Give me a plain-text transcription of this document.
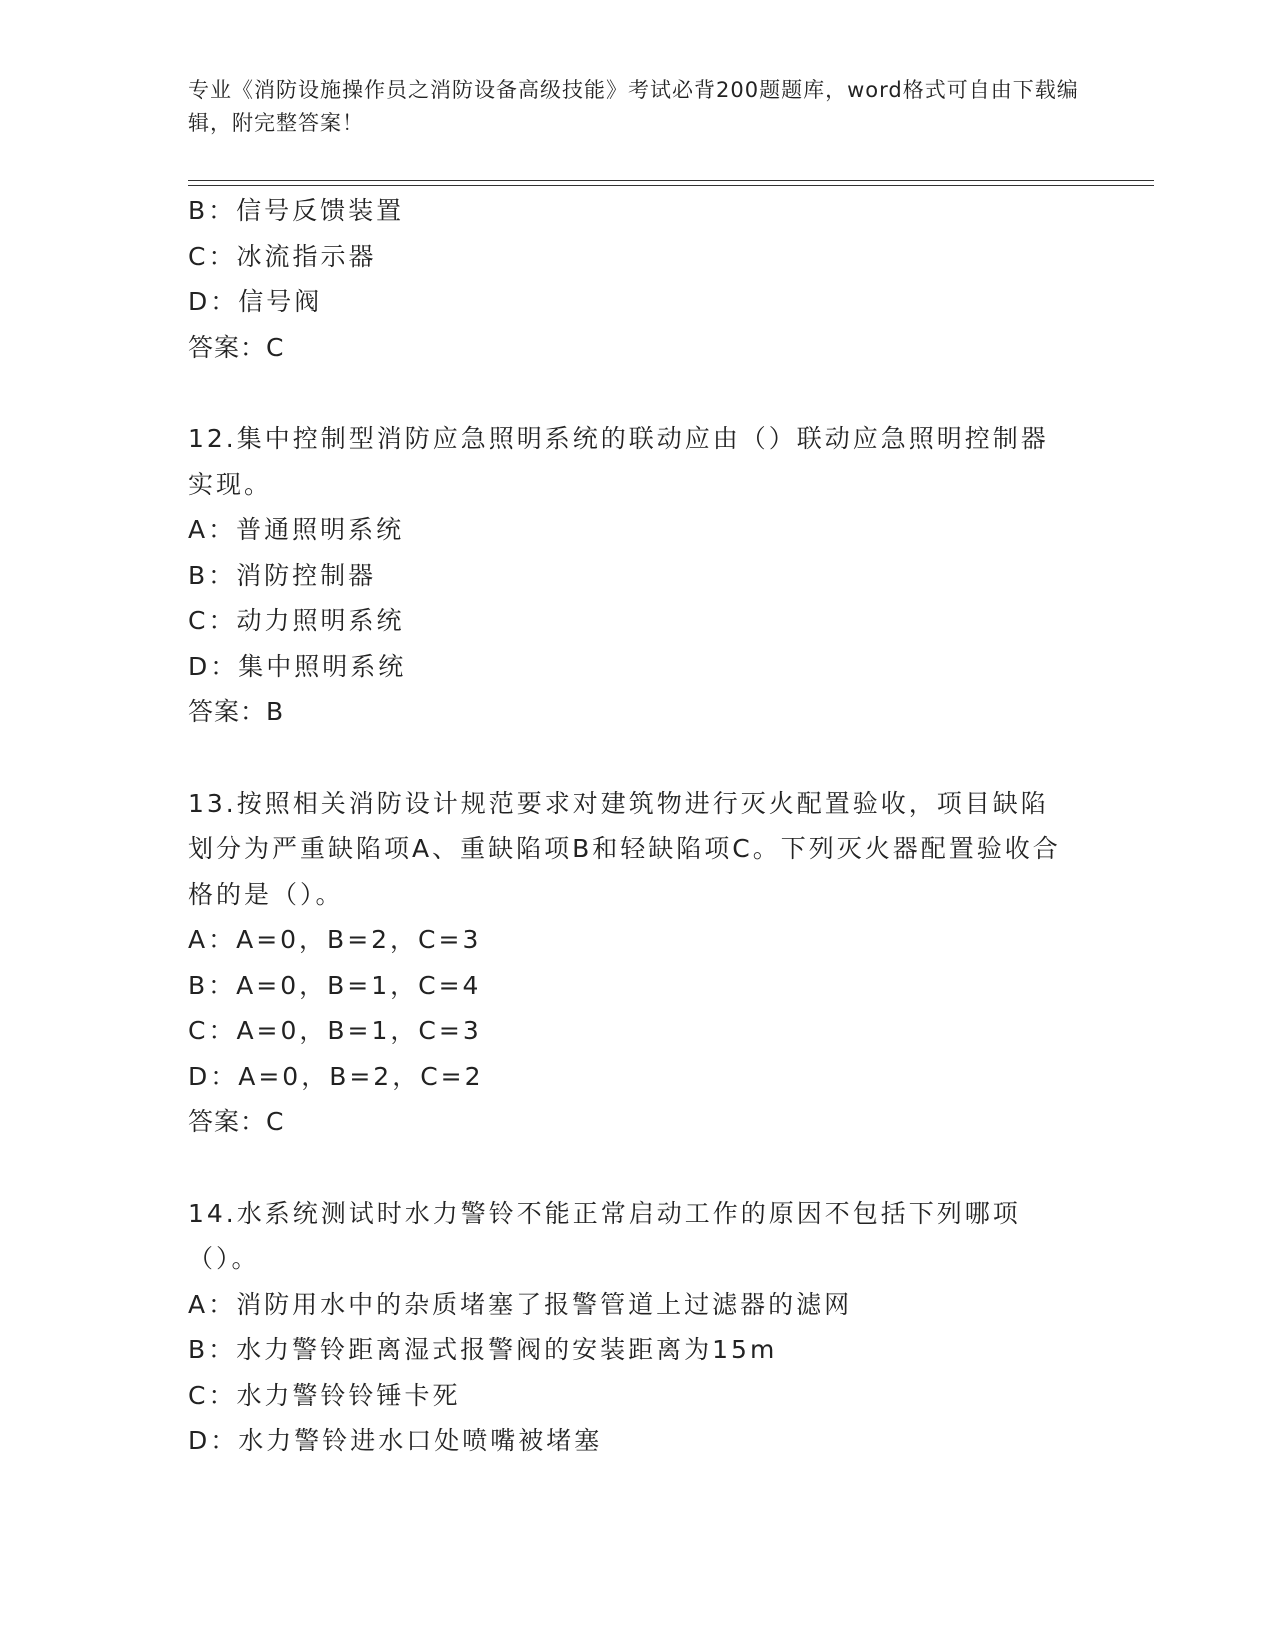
专业《消防设施操作员之消防设备高级技能》考试必背200题题库，word格式可自由下载编辑，附完整答案！
B：信号反馈装置
C：冰流指示器
D：信号阀
答案：C
12.集中控制型消防应急照明系统的联动应由（）联动应急照明控制器实现。
A：普通照明系统
B：消防控制器
C：动力照明系统
D：集中照明系统
答案：B
13.按照相关消防设计规范要求对建筑物进行灭火配置验收，项目缺陷划分为严重缺陷项A、重缺陷项B和轻缺陷项C。下列灭火器配置验收合格的是（）。
A：A=0，B=2，C=3
B：A=0，B=1，C=4
C：A=0，B=1，C=3
D：A=0，B=2，C=2
答案：C
14.水系统测试时水力警铃不能正常启动工作的原因不包括下列哪项（）。
A：消防用水中的杂质堵塞了报警管道上过滤器的滤网
B：水力警铃距离湿式报警阀的安装距离为15m
C：水力警铃铃锤卡死
D：水力警铃进水口处喷嘴被堵塞
